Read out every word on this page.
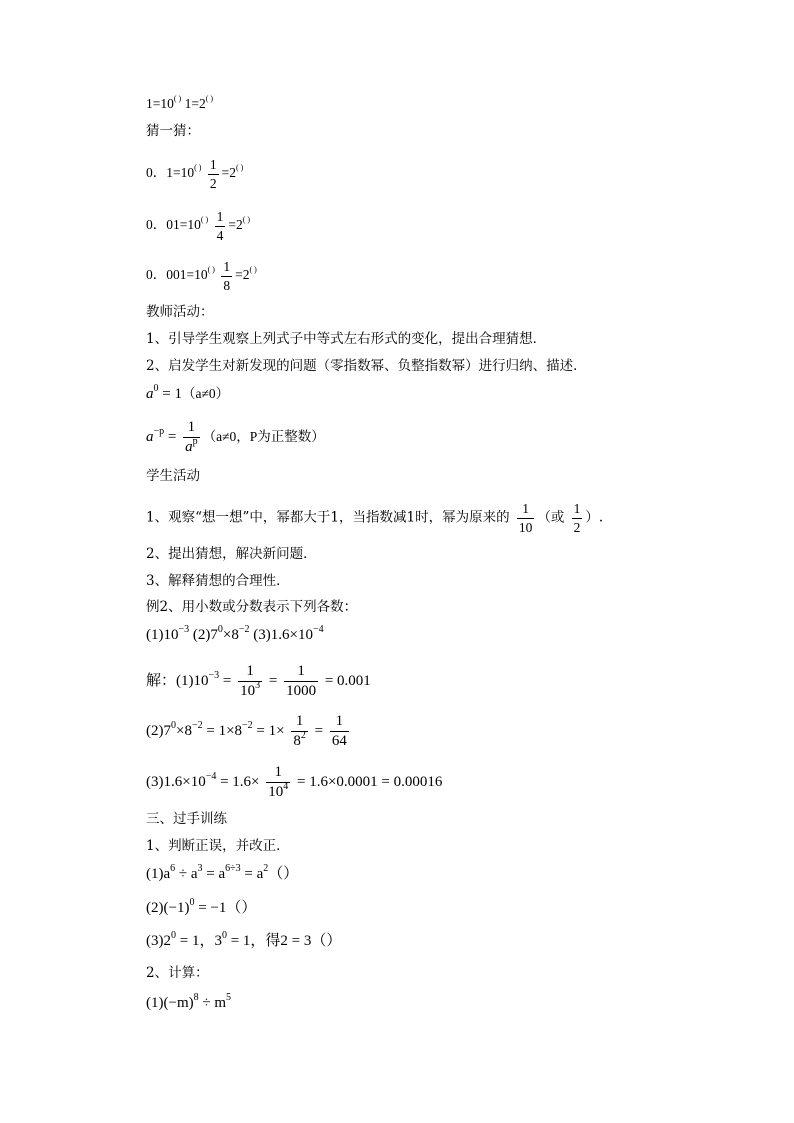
1=10( ) 1=2( )
猜一猜：
0．$1=10^{( )} \frac{1}{2} =2^{( )}$
0．$01=10^{( )} \frac{1}{4} =2^{( )}$
0．$001=10^{( )} \frac{1}{8} =2^{( )}$
教师活动：
1、引导学生观察上列式子中等式左右形式的变化，提出合理猜想．
2、启发学生对新发现的问题（零指数幂、负整指数幂）进行归纳、描述．
$a^0 = 1(a\ne 0)$
$a^{-p} = \frac{1}{a^p} (a\ne 0$，P为正整数）
学生活动
1、观察“想一想”中，幂都大于1，当指数减1时，幂为原来的 $\frac{1}{10}$ （或 $\frac{1}{2}$ ）.
2、提出猜想，解决新问题．
3、解释猜想的合理性．
例2、用小数或分数表示下列各数：
$(1)10^{-3}$ $(2)7^0\times 8^{-2}$ $(3)1.6\times 10^{-4}$
解：$(1)10^{-3} = \frac{1}{10^3} = \frac{1}{1000} = 0.001$
$(2)7^0\times 8^{-2} = 1\times 8^{-2} = 1\times \frac{1}{8^2} = \frac{1}{64}$
$(3)1.6\times 10^{-4} = 1.6\times \frac{1}{10^4} = 1.6\times 0.0001 = 0.00016$
三、过手训练
1、判断正误，并改正．
$(1)a^6 \div a^3 = a^{6\div 3} = a^2()$
$(2)(-1)^0 = -1()$
$(3)2^0 = 1$，$3^0 = 1$，得2 = 3（）
2、计算：
$(1)(-m)^8 \div m^5$
